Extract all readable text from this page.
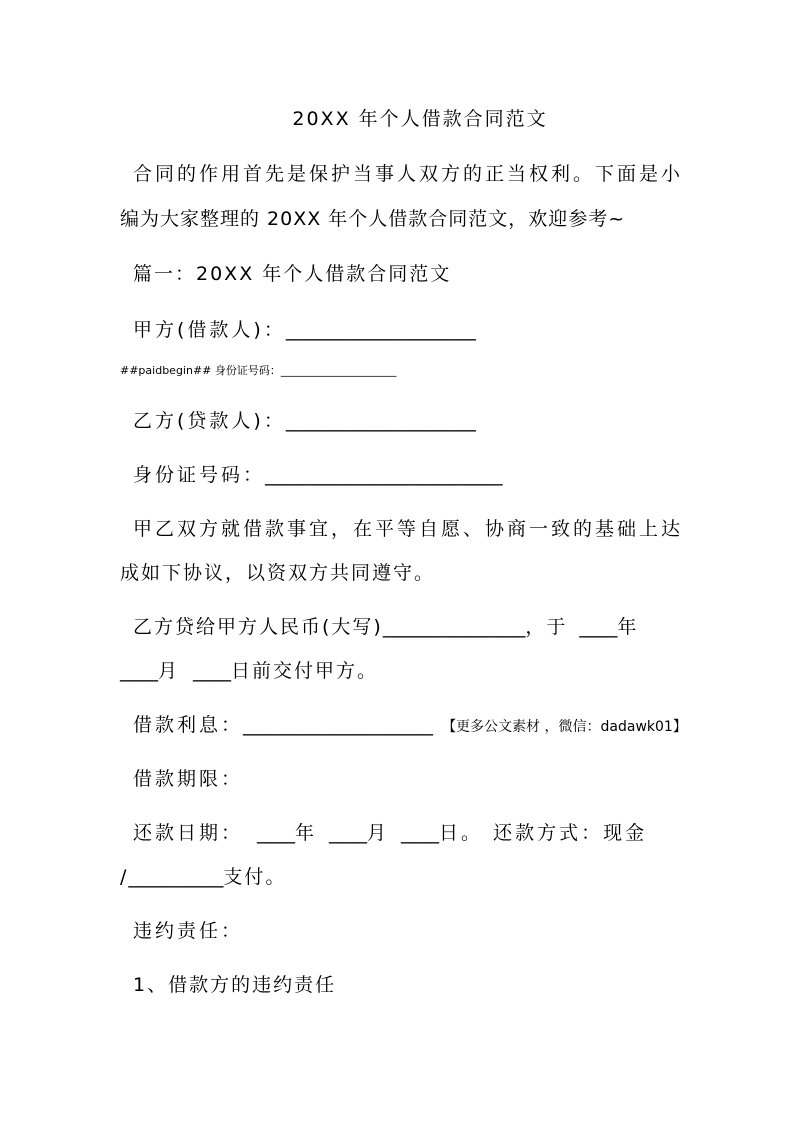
20XX 年个人借款合同范文
合同的作用首先是保护当事人双方的正当权利。下面是小
编为大家整理的 20XX 年个人借款合同范文，欢迎参考~
篇一：20XX 年个人借款合同范文
甲方(借款人)：____________________
##paidbegin## 身份证号码：_____________________
乙方(贷款人)：____________________
身份证号码：_________________________
甲乙双方就借款事宜，在平等自愿、协商一致的基础上达
成如下协议，以资双方共同遵守。
乙方贷给甲方人民币(大写)_______________，于 ____年
____月 ____日前交付甲方。
借款利息：____________________ 【更多公文素材 ，微信：dadawk01】
借款期限：
还款日期： ____年 ____月 ____日。 还款方式：现金
/__________支付。
违约责任：
1、借款方的违约责任
